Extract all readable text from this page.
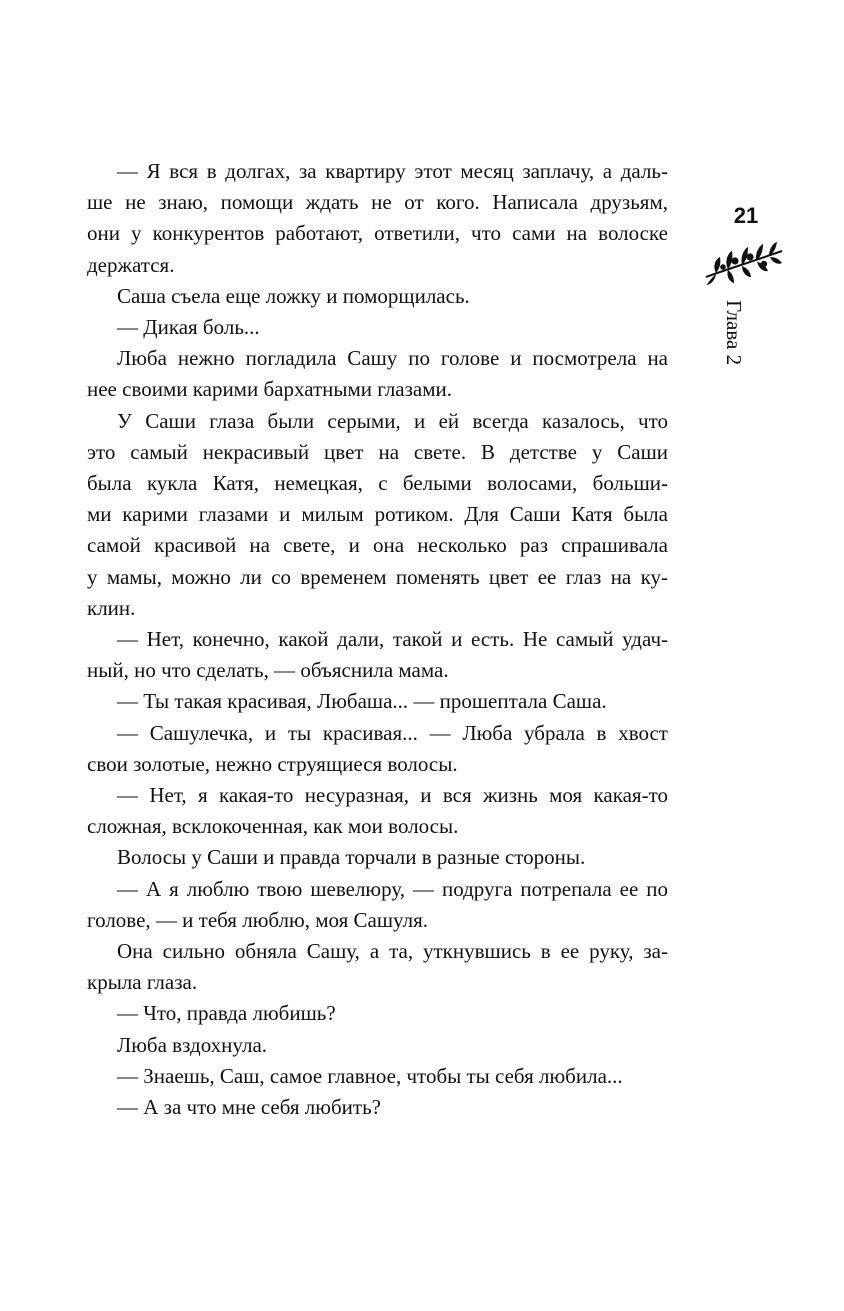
— Я вся в долгах, за квартиру этот месяц заплачу, а даль-
ше не знаю, помощи ждать не от кого. Написала друзьям,
они у конкурентов работают, ответили, что сами на волоске
держатся.

Саша съела еще ложку и поморщилась.

— Дикая боль...

Люба нежно погладила Сашу по голове и посмотрела на
нее своими карими бархатными глазами.

У Саши глаза были серыми, и ей всегда казалось, что
это самый некрасивый цвет на свете. В детстве у Саши
была кукла Катя, немецкая, с белыми волосами, больши-
ми карими глазами и милым ротиком. Для Саши Катя была
самой красивой на свете, и она несколько раз спрашивала
у мамы, можно ли со временем поменять цвет ее глаз на ку-
клин.

— Нет, конечно, какой дали, такой и есть. Не самый удач-
ный, но что сделать, — объяснила мама.

— Ты такая красивая, Любаша... — прошептала Саша.

— Сашулечка, и ты красивая... — Люба убрала в хвост
свои золотые, нежно струящиеся волосы.

— Нет, я какая-то несуразная, и вся жизнь моя какая-то
сложная, всклокоченная, как мои волосы.

Волосы у Саши и правда торчали в разные стороны.

— А я люблю твою шевелюру, — подруга потрепала ее по
голове, — и тебя люблю, моя Сашуля.

Она сильно обняла Сашу, а та, уткнувшись в ее руку, за-
крыла глаза.

— Что, правда любишь?

Люба вздохнула.

— Знаешь, Саш, самое главное, чтобы ты себя любила...

— А за что мне себя любить?

21
Глава 2
